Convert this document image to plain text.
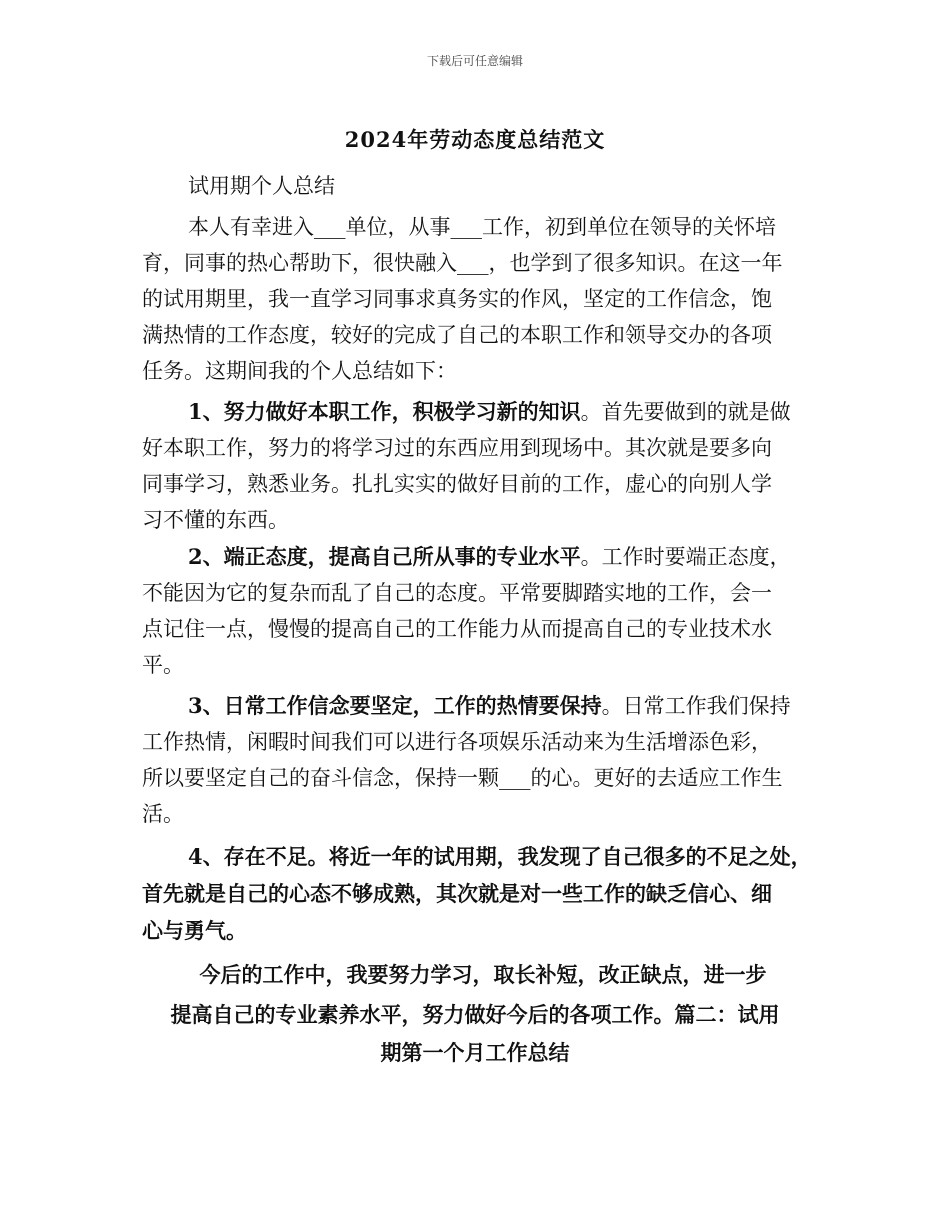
下载后可任意编辑
2024年劳动态度总结范文
试用期个人总结
本人有幸进入___单位，从事___工作，初到单位在领导的关怀培
育，同事的热心帮助下，很快融入___，也学到了很多知识。在这一年
的试用期里，我一直学习同事求真务实的作风，坚定的工作信念，饱
满热情的工作态度，较好的完成了自己的本职工作和领导交办的各项
任务。这期间我的个人总结如下：
1、努力做好本职工作，积极学习新的知识。首先要做到的就是做
好本职工作，努力的将学习过的东西应用到现场中。其次就是要多向
同事学习，熟悉业务。扎扎实实的做好目前的工作，虚心的向别人学
习不懂的东西。
2、端正态度，提高自己所从事的专业水平。工作时要端正态度，
不能因为它的复杂而乱了自己的态度。平常要脚踏实地的工作，会一
点记住一点，慢慢的提高自己的工作能力从而提高自己的专业技术水
平。
3、日常工作信念要坚定，工作的热情要保持。日常工作我们保持
工作热情，闲暇时间我们可以进行各项娱乐活动来为生活增添色彩，
所以要坚定自己的奋斗信念，保持一颗___的心。更好的去适应工作生
活。
4、存在不足。将近一年的试用期，我发现了自己很多的不足之处，
首先就是自己的心态不够成熟，其次就是对一些工作的缺乏信心、细
心与勇气。
今后的工作中，我要努力学习，取长补短，改正缺点，进一步
提高自己的专业素养水平，努力做好今后的各项工作。篇二：试用
期第一个月工作总结
